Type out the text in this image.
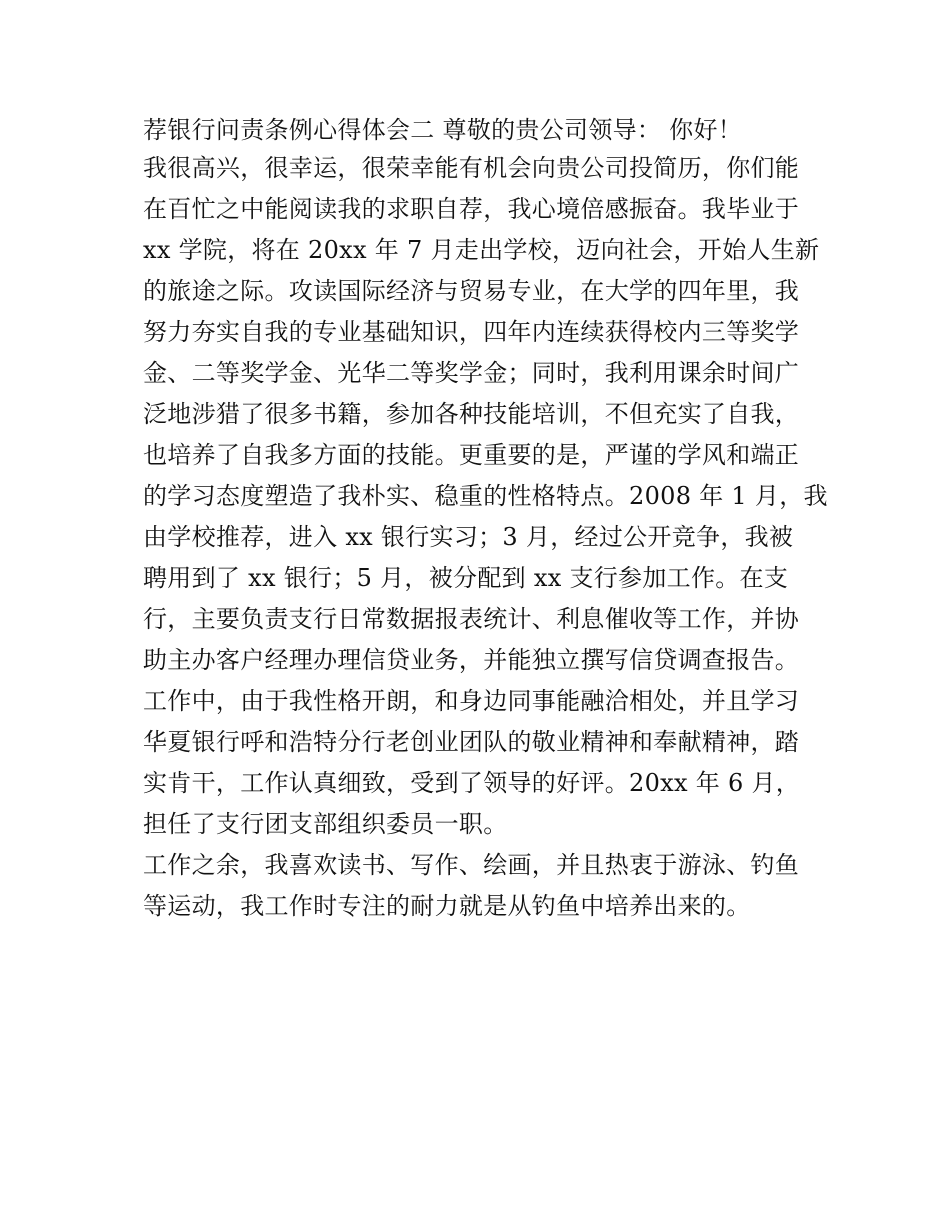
荐银行问责条例心得体会二 尊敬的贵公司领导： 你好！
我很高兴，很幸运，很荣幸能有机会向贵公司投简历，你们能
在百忙之中能阅读我的求职自荐，我心境倍感振奋。我毕业于
xx 学院，将在 20xx 年 7 月走出学校，迈向社会，开始人生新
的旅途之际。攻读国际经济与贸易专业，在大学的四年里，我
努力夯实自我的专业基础知识，四年内连续获得校内三等奖学
金、二等奖学金、光华二等奖学金；同时，我利用课余时间广
泛地涉猎了很多书籍，参加各种技能培训，不但充实了自我，
也培养了自我多方面的技能。更重要的是，严谨的学风和端正
的学习态度塑造了我朴实、稳重的性格特点。2008 年 1 月，我
由学校推荐，进入 xx 银行实习；3 月，经过公开竞争，我被
聘用到了 xx 银行；5 月，被分配到 xx 支行参加工作。在支
行，主要负责支行日常数据报表统计、利息催收等工作，并协
助主办客户经理办理信贷业务，并能独立撰写信贷调查报告。
工作中，由于我性格开朗，和身边同事能融洽相处，并且学习
华夏银行呼和浩特分行老创业团队的敬业精神和奉献精神，踏
实肯干，工作认真细致，受到了领导的好评。20xx 年 6 月，
担任了支行团支部组织委员一职。
工作之余，我喜欢读书、写作、绘画，并且热衷于游泳、钓鱼
等运动，我工作时专注的耐力就是从钓鱼中培养出来的。
